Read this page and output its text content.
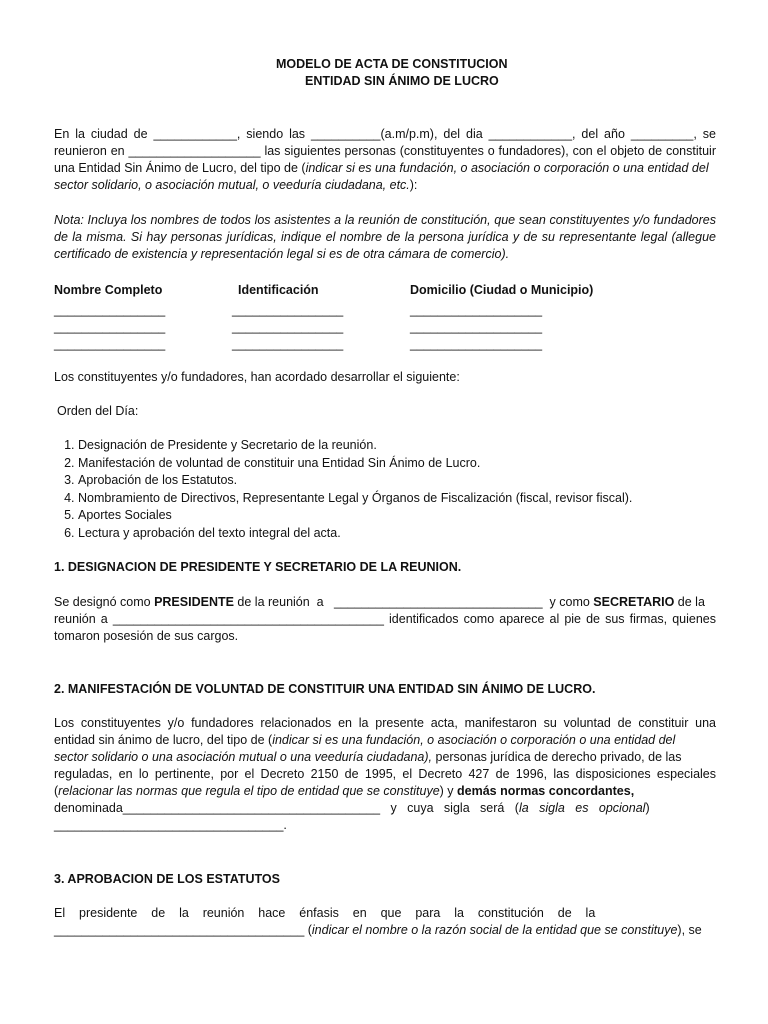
MODELO DE ACTA DE CONSTITUCION
ENTIDAD SIN ÁNIMO DE LUCRO
En la ciudad de ____________, siendo las __________(a.m/p.m), del dia ____________, del año _________, se
reunieron en ___________________ las siguientes personas (constituyentes o fundadores), con el objeto de constituir
una Entidad Sin Ánimo de Lucro, del tipo de (indicar si es una fundación, o asociación o corporación o una entidad del
sector solidario, o asociación mutual, o veeduría ciudadana, etc.):
Nota: Incluya los nombres de todos los asistentes a la reunión de constitución, que sean constituyentes y/o fundadores
de la misma. Si hay personas jurídicas, indique el nombre de la persona jurídica y de su representante legal (allegue
certificado de existencia y representación legal si es de otra cámara de comercio).
Nombre Completo	Identificación	Domicilio (Ciudad o Municipio)
________________	________________	___________________
________________	________________	___________________
________________	________________	___________________
Los constituyentes y/o fundadores, han acordado desarrollar el siguiente:
Orden del Día:
1. Designación de Presidente y Secretario de la reunión.
2. Manifestación de voluntad de constituir una Entidad Sin Ánimo de Lucro.
3. Aprobación de los Estatutos.
4. Nombramiento de Directivos, Representante Legal y Órganos de Fiscalización (fiscal, revisor fiscal).
5. Aportes Sociales
6. Lectura y aprobación del texto integral del acta.
1. DESIGNACION DE PRESIDENTE Y SECRETARIO DE LA REUNION.
Se designó como PRESIDENTE de la reunión  a   ______________________________  y como SECRETARIO de la
reunión a _______________________________________ identificados como aparece al pie de sus firmas, quienes
tomaron posesión de sus cargos.
2. MANIFESTACIÓN DE VOLUNTAD DE CONSTITUIR UNA ENTIDAD SIN ÁNIMO DE LUCRO.
Los constituyentes y/o fundadores relacionados en la presente acta, manifestaron su voluntad de constituir una
entidad sin ánimo de lucro, del tipo de (indicar si es una fundación, o asociación o corporación o una entidad del
sector solidario o una asociación mutual o una veeduría ciudadana), personas jurídica de derecho privado, de las
reguladas, en lo pertinente, por el Decreto 2150 de 1995, el Decreto 427 de 1996, las disposiciones especiales
(relacionar las normas que regula el tipo de entidad que se constituye) y demás normas concordantes,
denominada_____________________________________   y   cuya   sigla   será   (la   sigla   es   opcional)
_________________________________.
3. APROBACION DE LOS ESTATUTOS
El    presidente    de    la    reunión    hace    énfasis    en    que    para    la    constitución    de    la
____________________________________ (indicar el nombre o la razón social de la entidad que se constituye), se
